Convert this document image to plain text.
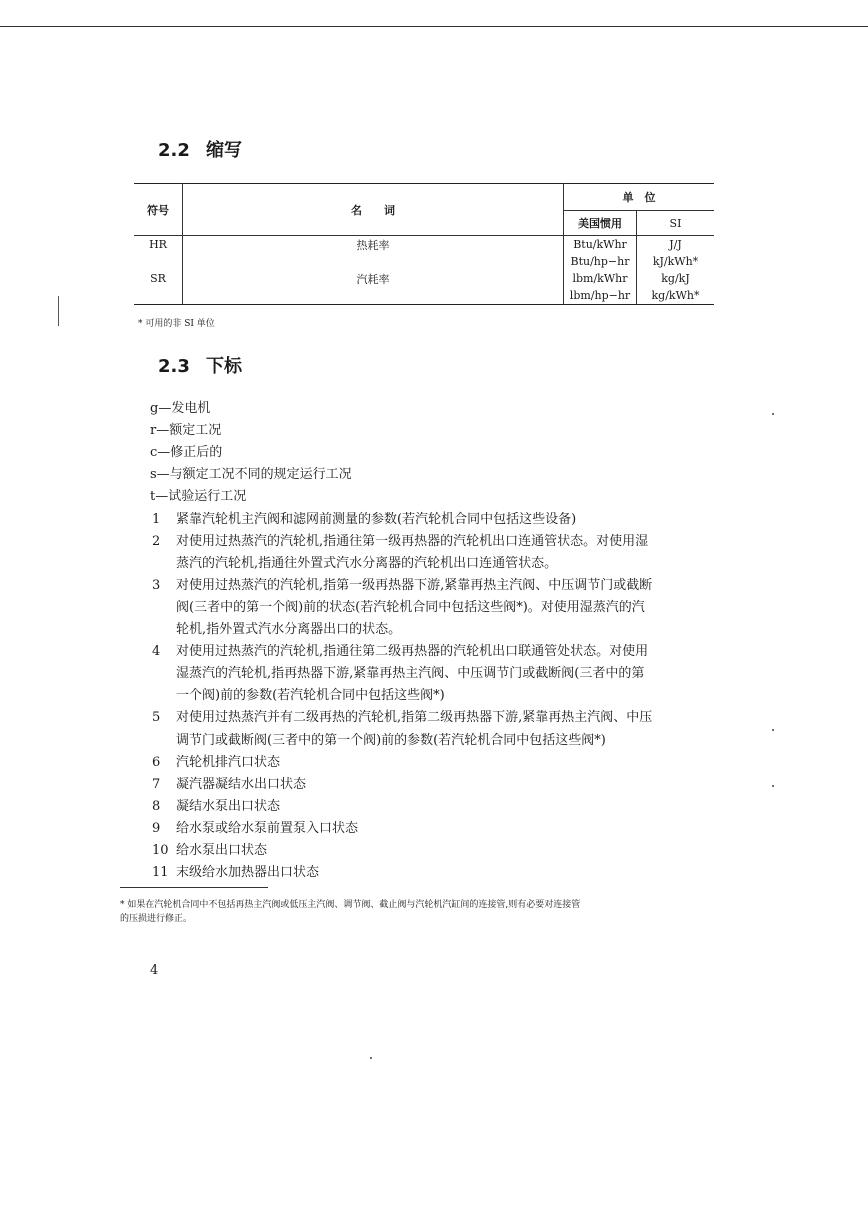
2.2 缩写
符号	名　　词	单　位	
		美国惯用	SI
HR	热耗率	Btu/kWhr	J/J
		Btu/hp−hr	kJ/kWh*
SR	汽耗率	lbm/kWhr	kg/kJ
		lbm/hp−hr	kg/kWh*
* 可用的非 SI 单位
2.3 下标
g—发电机
r—额定工况
c—修正后的
s—与额定工况不同的规定运行工况
t—试验运行工况
1 紧靠汽轮机主汽阀和滤网前测量的参数(若汽轮机合同中包括这些设备)
2 对使用过热蒸汽的汽轮机,指通往第一级再热器的汽轮机出口连通管状态。对使用湿
蒸汽的汽轮机,指通往外置式汽水分离器的汽轮机出口连通管状态。
3 对使用过热蒸汽的汽轮机,指第一级再热器下游,紧靠再热主汽阀、中压调节门或截断
阀(三者中的第一个阀)前的状态(若汽轮机合同中包括这些阀*)。对使用湿蒸汽的汽
轮机,指外置式汽水分离器出口的状态。
4 对使用过热蒸汽的汽轮机,指通往第二级再热器的汽轮机出口联通管处状态。对使用
湿蒸汽的汽轮机,指再热器下游,紧靠再热主汽阀、中压调节门或截断阀(三者中的第
一个阀)前的参数(若汽轮机合同中包括这些阀*)
5 对使用过热蒸汽并有二级再热的汽轮机,指第二级再热器下游,紧靠再热主汽阀、中压
调节门或截断阀(三者中的第一个阀)前的参数(若汽轮机合同中包括这些阀*)
6 汽轮机排汽口状态
7 凝汽器凝结水出口状态
8 凝结水泵出口状态
9 给水泵或给水泵前置泵入口状态
10 给水泵出口状态
11 末级给水加热器出口状态
* 如果在汽轮机合同中不包括再热主汽阀或低压主汽阀、调节阀、截止阀与汽轮机汽缸间的连接管,则有必要对连接管
的压损进行修正。
4
